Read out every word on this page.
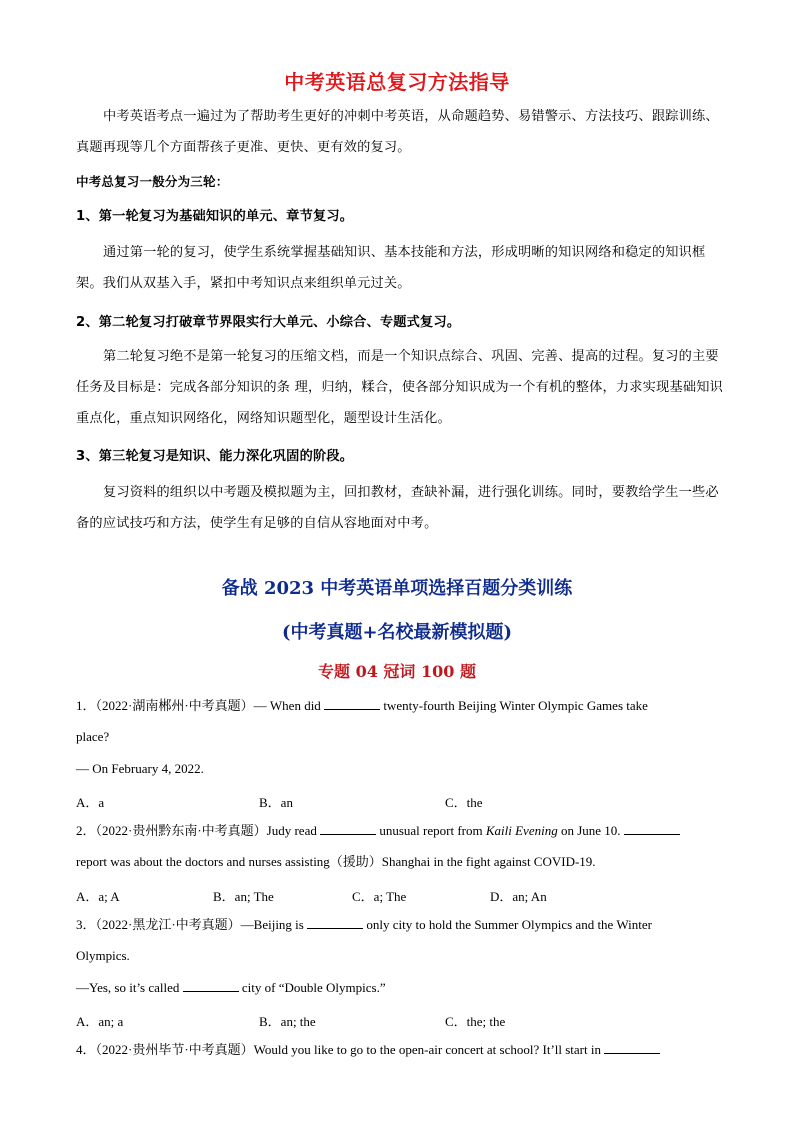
中考英语总复习方法指导
中考英语考点一遍过为了帮助考生更好的冲刺中考英语，从命题趋势、易错警示、方法技巧、跟踪训练、真题再现等几个方面帮孩子更准、更快、更有效的复习。
中考总复习一般分为三轮：
1、第一轮复习为基础知识的单元、章节复习。
通过第一轮的复习，使学生系统掌握基础知识、基本技能和方法，形成明晰的知识网络和稳定的知识框架。我们从双基入手，紧扣中考知识点来组织单元过关。
2、第二轮复习打破章节界限实行大单元、小综合、专题式复习。
第二轮复习绝不是第一轮复习的压缩文档，而是一个知识点综合、巩固、完善、提高的过程。复习的主要任务及目标是：完成各部分知识的条 理，归纳，糅合，使各部分知识成为一个有机的整体，力求实现基础知识重点化，重点知识网络化，网络知识题型化，题型设计生活化。
3、第三轮复习是知识、能力深化巩固的阶段。
复习资料的组织以中考题及模拟题为主，回扣教材，查缺补漏，进行强化训练。同时，要教给学生一些必备的应试技巧和方法，使学生有足够的自信从容地面对中考。
备战 2023 中考英语单项选择百题分类训练
(中考真题+名校最新模拟题)
专题 04 冠词 100 题
1．（2022·湖南郴州·中考真题）— When did	twenty-fourth Beijing Winter Olympic Games take
place?
— On February 4, 2022.
A．a	B．an	C．the
2．（2022·贵州黔东南·中考真题）Judy read	unusual report from Kaili Evening on June 10.
report was about the doctors and nurses assisting（援助）Shanghai in the fight against COVID-19.
A．a; A	B．an; The	C．a; The	D．an; An
3．（2022·黑龙江·中考真题）—Beijing is	only city to hold the Summer Olympics and the Winter
Olympics.
—Yes, so it’s called	city of “Double Olympics.”
A．an; a	B．an; the	C．the; the
4．（2022·贵州毕节·中考真题）Would you like to go to the open-air concert at school? It’ll start in
